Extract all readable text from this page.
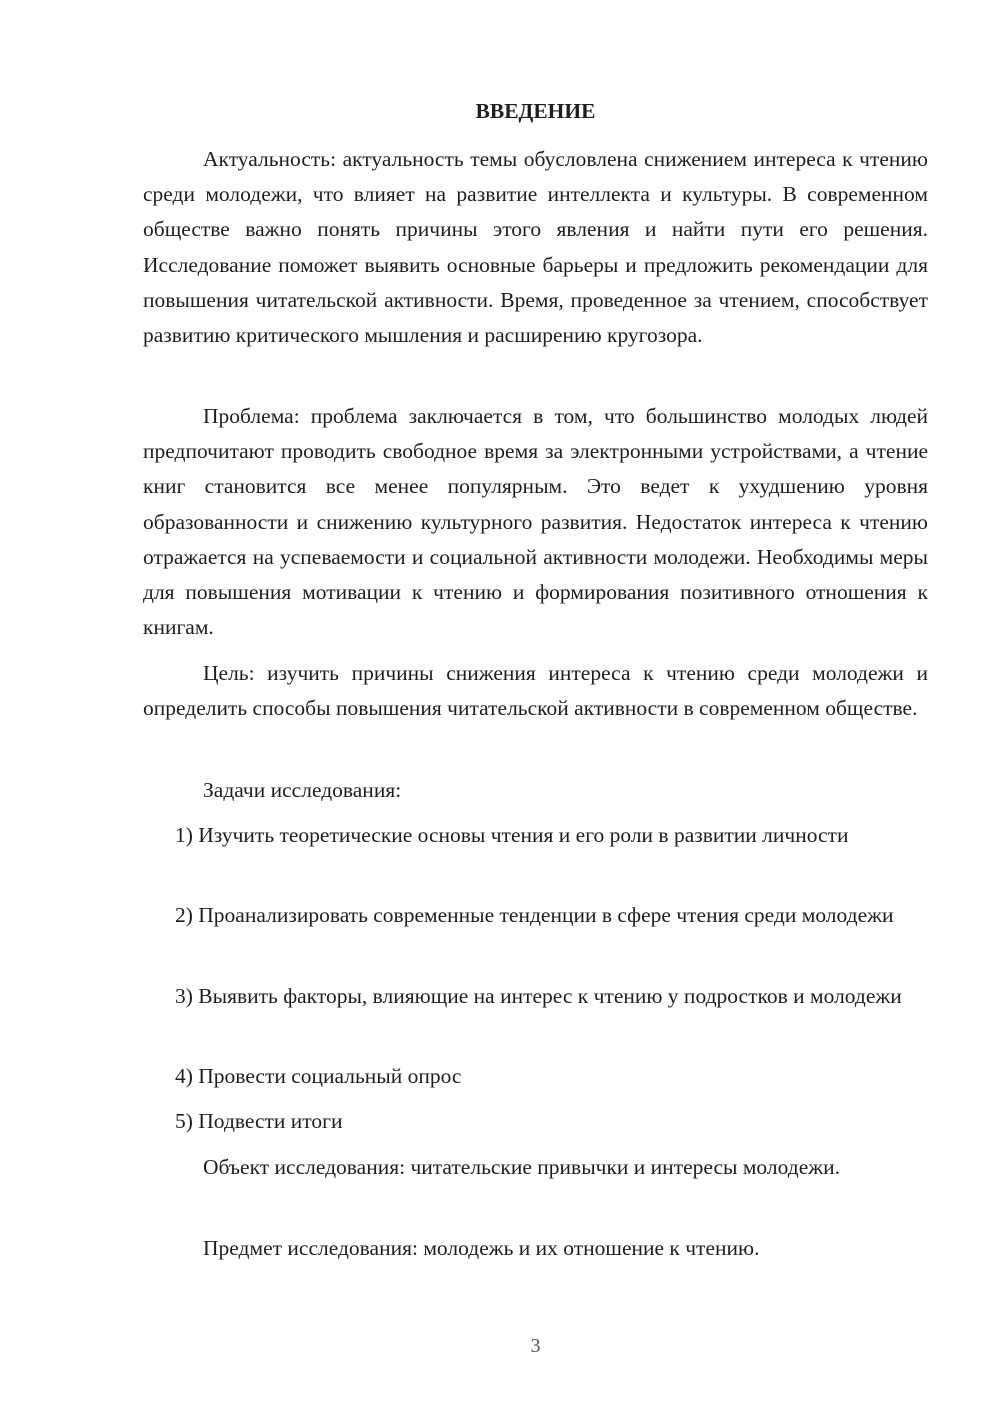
ВВЕДЕНИЕ

Актуальность: актуальность темы обусловлена снижением интереса к чтению среди молодежи, что влияет на развитие интеллекта и культуры. В современном обществе важно понять причины этого явления и найти пути его решения. Исследование поможет выявить основные барьеры и предложить рекомендации для повышения читательской активности. Время, проведенное за чтением, способствует развитию критического мышления и расширению кругозора.

Проблема: проблема заключается в том, что большинство молодых людей предпочитают проводить свободное время за электронными устройствами, а чтение книг становится все менее популярным. Это ведет к ухудшению уровня образованности и снижению культурного развития. Недостаток интереса к чтению отражается на успеваемости и социальной активности молодежи. Необходимы меры для повышения мотивации к чтению и формирования позитивного отношения к книгам.

Цель: изучить причины снижения интереса к чтению среди молодежи и определить способы повышения читательской активности в современном обществе.

Задачи исследования:

1) Изучить теоретические основы чтения и его роли в развитии личности

2) Проанализировать современные тенденции в сфере чтения среди молодежи

3) Выявить факторы, влияющие на интерес к чтению у подростков и молодежи

4) Провести социальный опрос

5) Подвести итоги

Объект исследования: читательские привычки и интересы молодежи.

Предмет исследования: молодежь и их отношение к чтению.

3
